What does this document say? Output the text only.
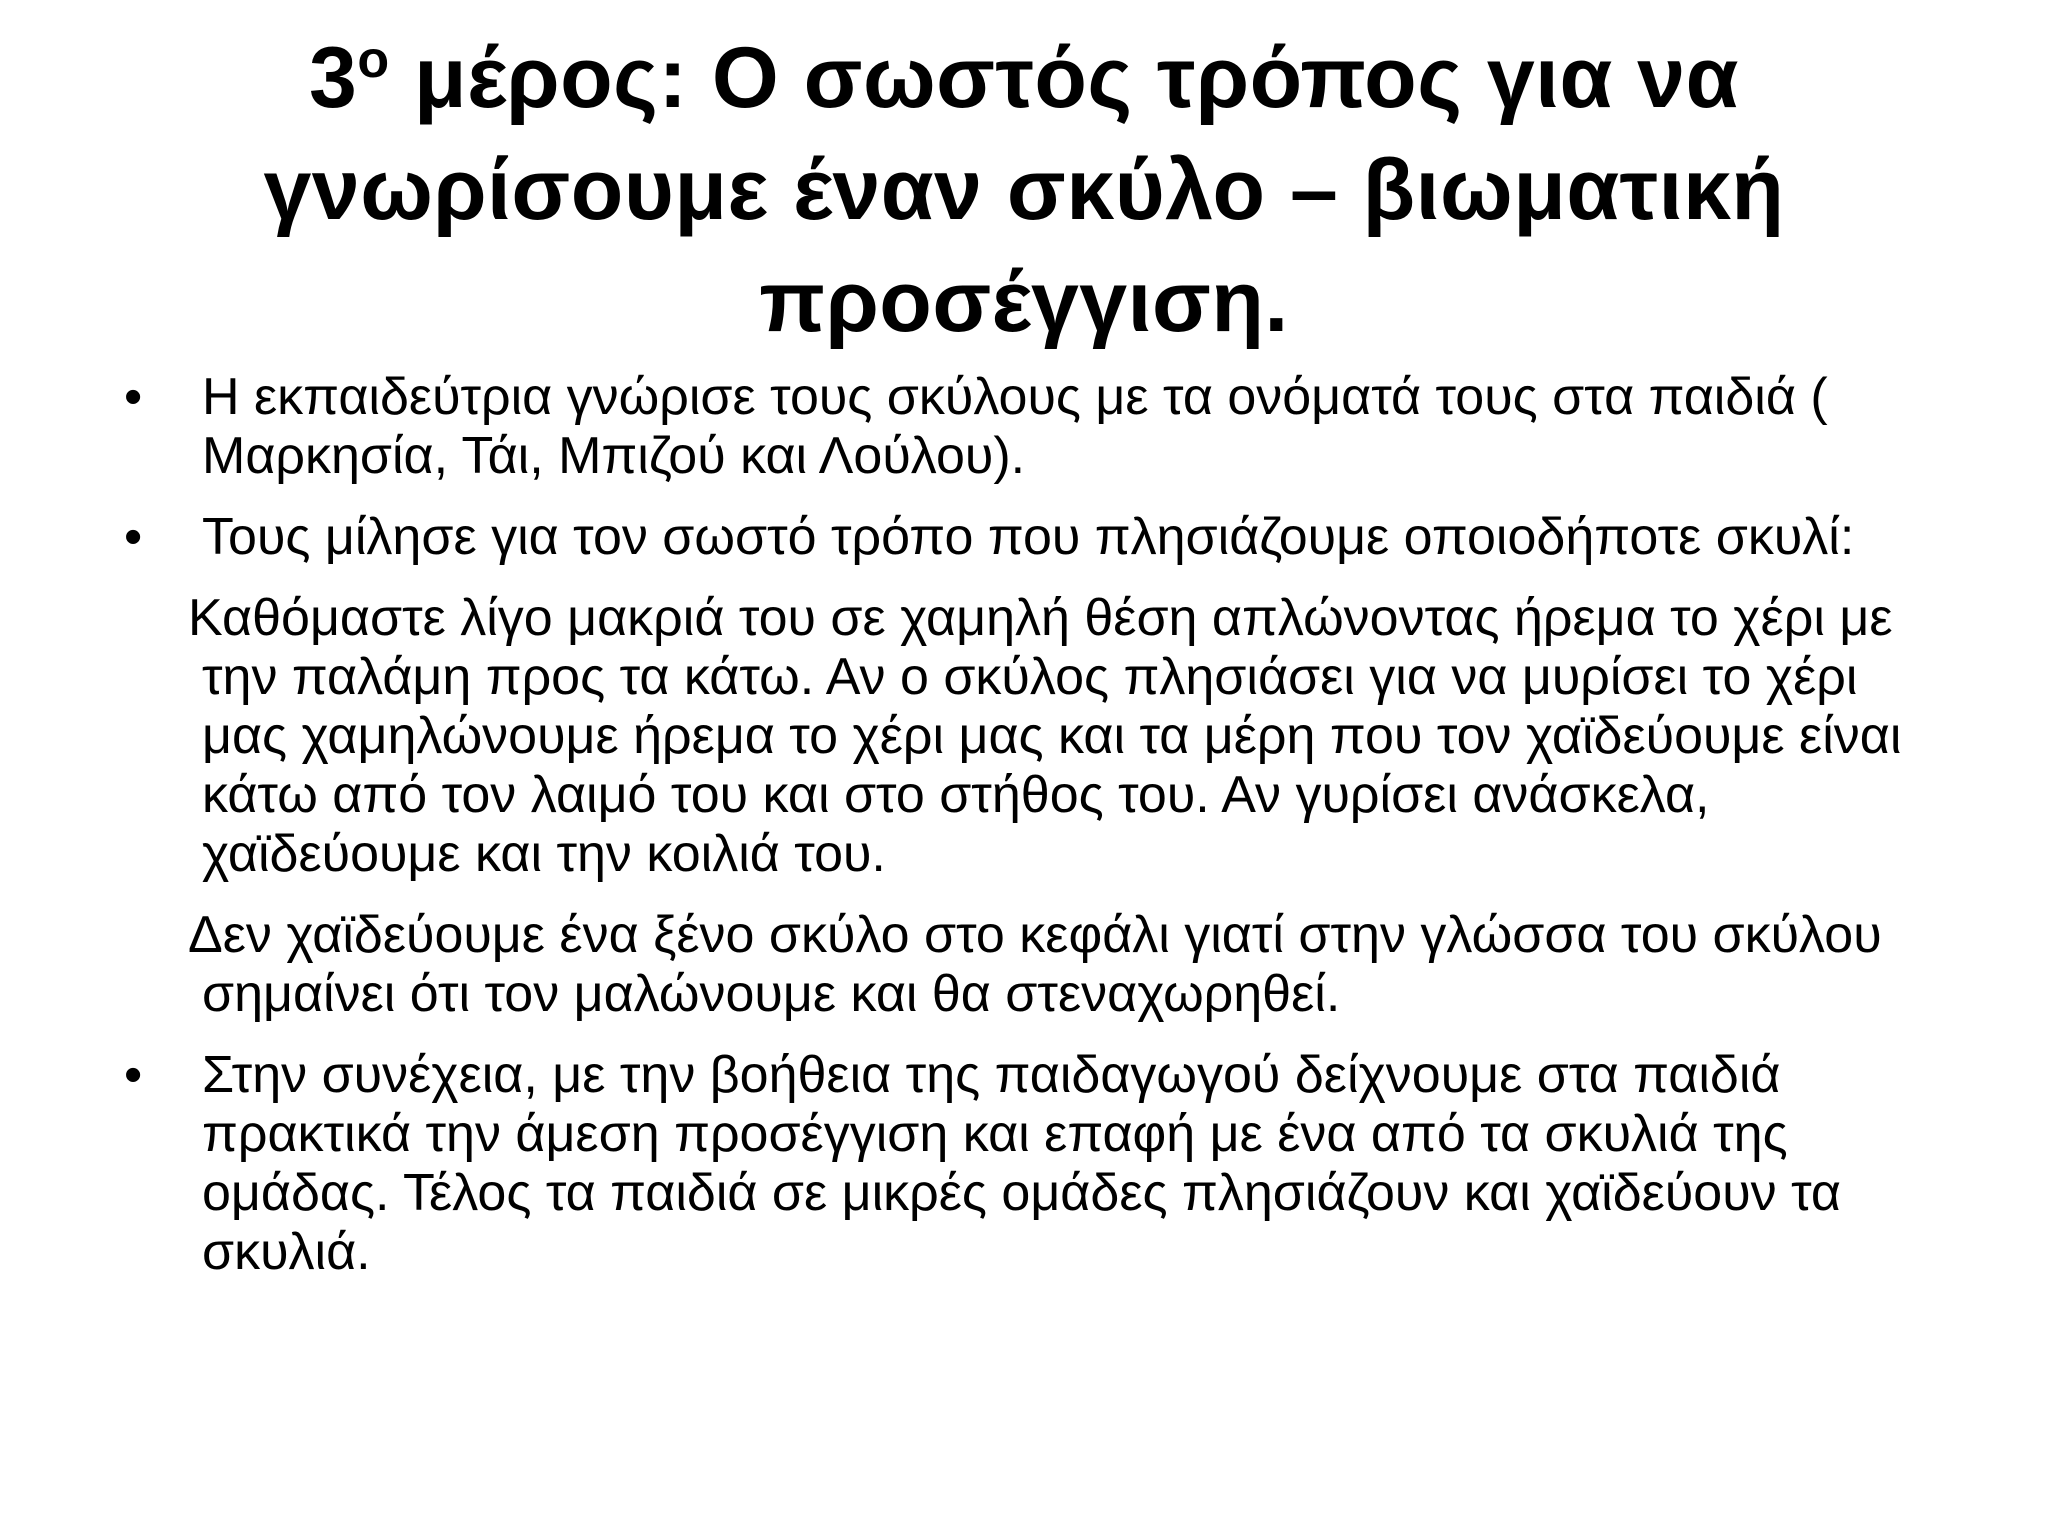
$3^o$ μέρος: Ο σωστός τρόπος για να γνωρίσουμε έναν σκύλο – βιωματική προσέγγιση.
•	Η εκπαιδεύτρια γνώρισε τους σκύλους με τα ονόματά τους στα παιδιά ( Μαρκησία, Τάι, Μπιζού και Λούλου).
•	Τους μίλησε για τον σωστό τρόπο που πλησιάζουμε οποιοδήποτε σκυλί:
Καθόμαστε λίγο μακριά του σε χαμηλή θέση απλώνοντας ήρεμα το χέρι με την παλάμη προς τα κάτω. Αν ο σκύλος πλησιάσει για να μυρίσει το χέρι μας χαμηλώνουμε ήρεμα το χέρι μας και τα μέρη που τον χαϊδεύουμε είναι κάτω από τον λαιμό του και στο στήθος του. Αν γυρίσει ανάσκελα, χαϊδεύουμε και την κοιλιά του.
Δεν χαϊδεύουμε ένα ξένο σκύλο στο κεφάλι γιατί στην γλώσσα του σκύλου σημαίνει ότι τον μαλώνουμε και θα στεναχωρηθεί.
•	Στην συνέχεια, με την βοήθεια της παιδαγωγού δείχνουμε στα παιδιά πρακτικά την άμεση προσέγγιση και επαφή με ένα από τα σκυλιά της ομάδας. Τέλος τα παιδιά σε μικρές ομάδες πλησιάζουν και χαϊδεύουν τα σκυλιά.
